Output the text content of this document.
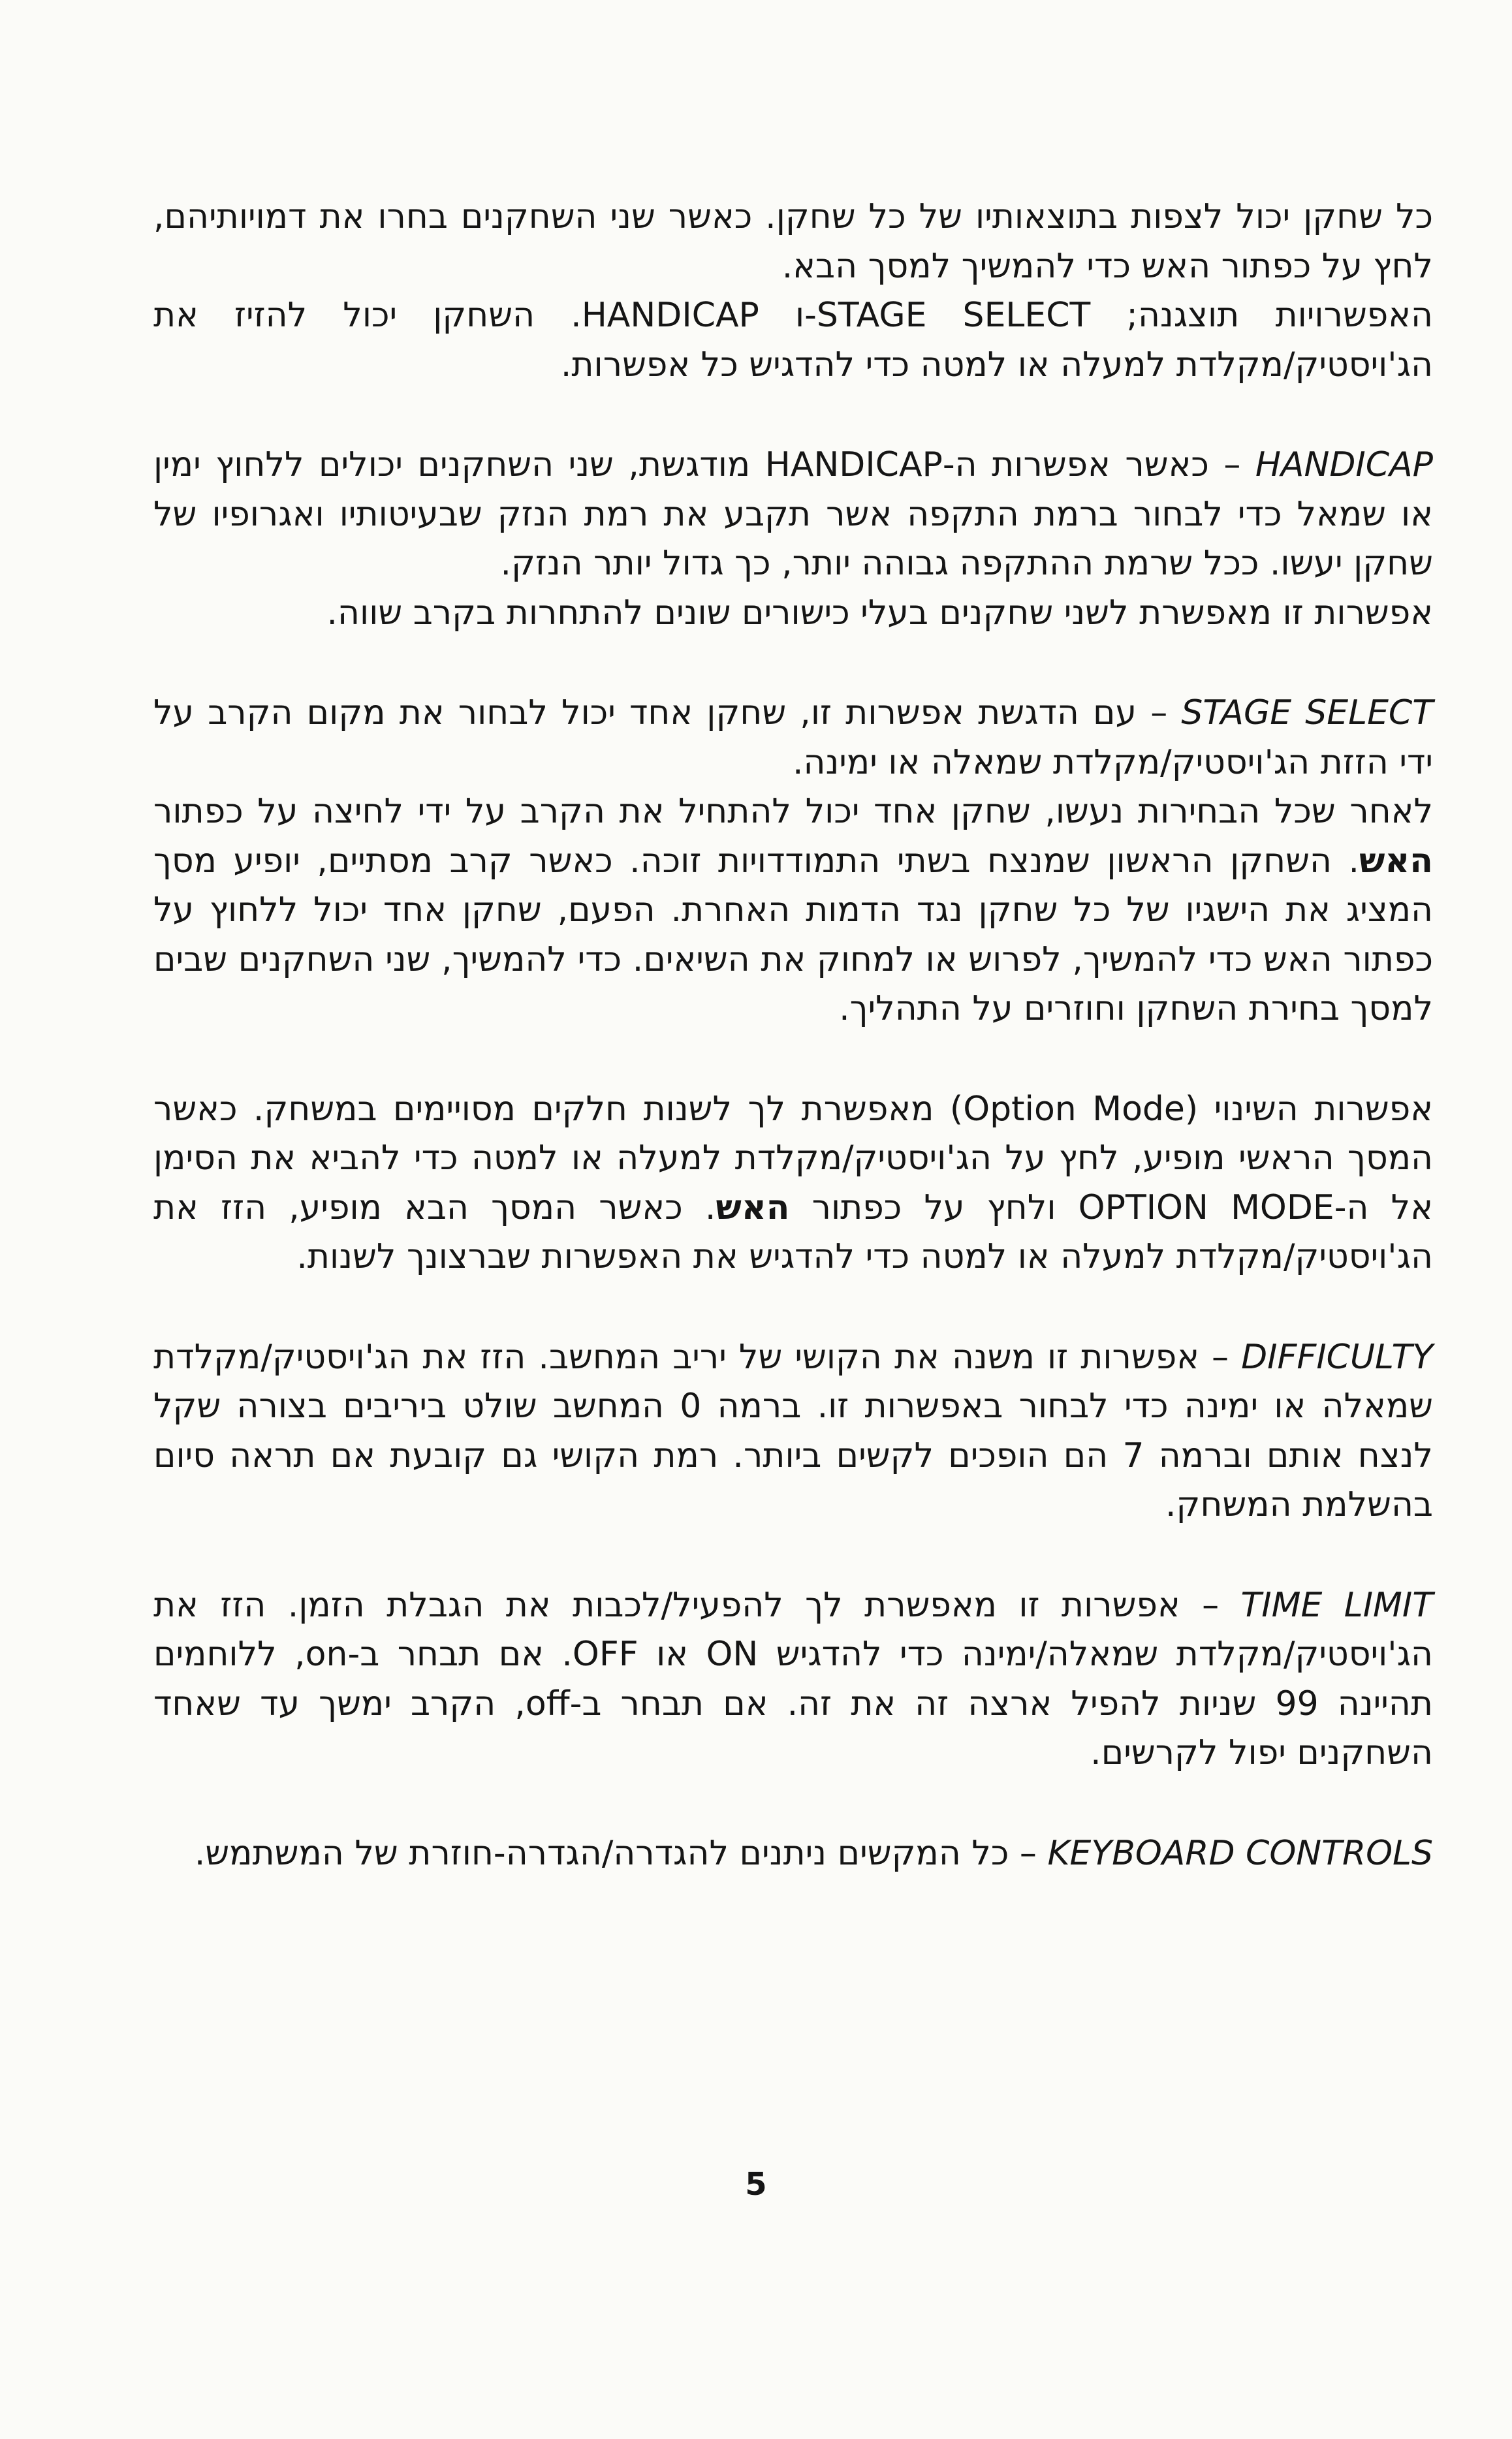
כל שחקן יכול לצפות בתוצאותיו של כל שחקן. כאשר שני השחקנים בחרו את דמויותיהם, לחץ על כפתור האש כדי להמשיך למסך הבא.
האפשרויות תוצגנה; STAGE SELECT-ו HANDICAP. השחקן יכול להזיז את הג'ויסטיק/מקלדת למעלה או למטה כדי להדגיש כל אפשרות.

HANDICAP – כאשר אפשרות ה-HANDICAP מודגשת, שני השחקנים יכולים ללחוץ ימין או שמאל כדי לבחור ברמת התקפה אשר תקבע את רמת הנזק שבעיטותיו ואגרופיו של שחקן יעשו. ככל שרמת ההתקפה גבוהה יותר, כך גדול יותר הנזק.
אפשרות זו מאפשרת לשני שחקנים בעלי כישורים שונים להתחרות בקרב שווה.

STAGE SELECT – עם הדגשת אפשרות זו, שחקן אחד יכול לבחור את מקום הקרב על ידי הזזת הג'ויסטיק/מקלדת שמאלה או ימינה.
לאחר שכל הבחירות נעשו, שחקן אחד יכול להתחיל את הקרב על ידי לחיצה על כפתור האש. השחקן הראשון שמנצח בשתי התמודדויות זוכה. כאשר קרב מסתיים, יופיע מסך המציג את הישגיו של כל שחקן נגד הדמות האחרת. הפעם, שחקן אחד יכול ללחוץ על כפתור האש כדי להמשיך, לפרוש או למחוק את השיאים. כדי להמשיך, שני השחקנים שבים למסך בחירת השחקן וחוזרים על התהליך.

אפשרות השינוי (Option Mode) מאפשרת לך לשנות חלקים מסויימים במשחק. כאשר המסך הראשי מופיע, לחץ על הג'ויסטיק/מקלדת למעלה או למטה כדי להביא את הסימן אל ה-OPTION MODE ולחץ על כפתור האש. כאשר המסך הבא מופיע, הזז את הג'ויסטיק/מקלדת למעלה או למטה כדי להדגיש את האפשרות שברצונך לשנות.

DIFFICULTY – אפשרות זו משנה את הקושי של יריב המחשב. הזז את הג'ויסטיק/מקלדת שמאלה או ימינה כדי לבחור באפשרות זו. ברמה 0 המחשב שולט ביריבים בצורה שקל לנצח אותם וברמה 7 הם הופכים לקשים ביותר. רמת הקושי גם קובעת אם תראה סיום בהשלמת המשחק.

TIME LIMIT – אפשרות זו מאפשרת לך להפעיל/לכבות את הגבלת הזמן. הזז את הג'ויסטיק/מקלדת שמאלה/ימינה כדי להדגיש ON או OFF. אם תבחר ב-on, ללוחמים תהיינה 99 שניות להפיל ארצה זה את זה. אם תבחר ב-off, הקרב ימשך עד שאחד השחקנים יפול לקרשים.

KEYBOARD CONTROLS – כל המקשים ניתנים להגדרה/הגדרה-חוזרת של המשתמש.

5
